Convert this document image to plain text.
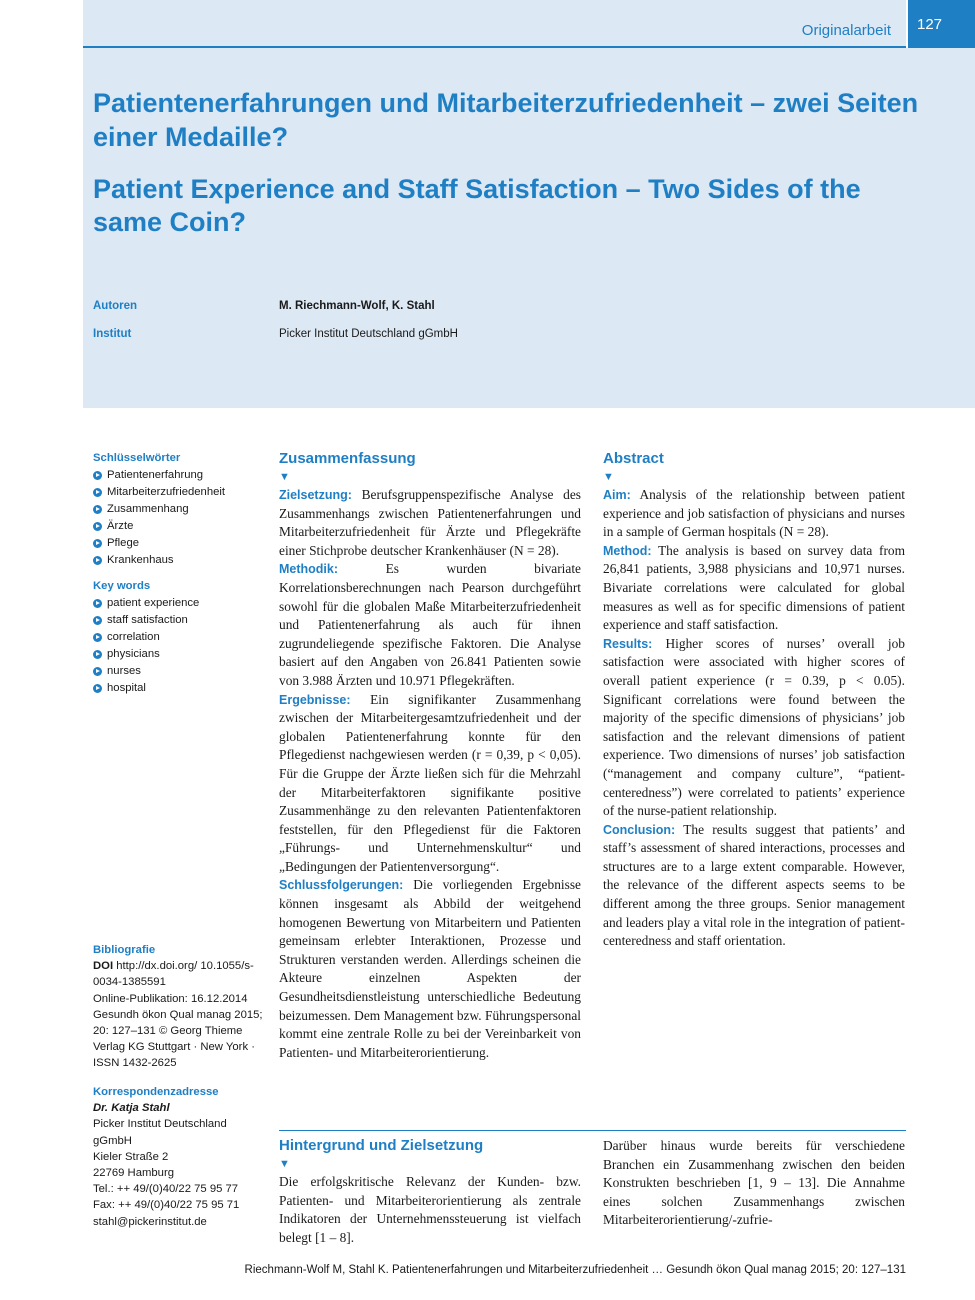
Originalarbeit	127
Patientenerfahrungen und Mitarbeiterzufriedenheit – zwei Seiten einer Medaille?
Patient Experience and Staff Satisfaction – Two Sides of the same Coin?
Autoren	M. Riechmann-Wolf, K. Stahl
Institut	Picker Institut Deutschland gGmbH
Schlüsselwörter
Patientenerfahrung
Mitarbeiterzufriedenheit
Zusammenhang
Ärzte
Pflege
Krankenhaus
Key words
patient experience
staff satisfaction
correlation
physicians
nurses
hospital
Bibliografie
DOI http://dx.doi.org/ 10.1055/s-0034-1385591
Online-Publikation: 16.12.2014
Gesundh ökon Qual manag 2015; 20: 127–131 © Georg Thieme Verlag KG Stuttgart · New York · ISSN 1432-2625
Korrespondenzadresse
Dr. Katja Stahl
Picker Institut Deutschland gGmbH
Kieler Straße 2
22769 Hamburg
Tel.: ++ 49/(0)40/22 75 95 77
Fax: ++ 49/(0)40/22 75 95 71
stahl@pickerinstitut.de
Zusammenfassung
▼

Zielsetzung: Berufsgruppenspezifische Analyse des Zusammenhangs zwischen Patientenerfahrungen und Mitarbeiterzufriedenheit für Ärzte und Pflegekräfte einer Stichprobe deutscher Krankenhäuser (N = 28).

Methodik:	Es wurden bivariate Korrelationsberechnungen nach Pearson durchgeführt sowohl für die globalen Maße Mitarbeiterzufriedenheit und Patientenerfahrung als auch für ihnen zugrundeliegende spezifische Faktoren. Die Analyse basiert auf den Angaben von 26.841 Patienten sowie von 3.988 Ärzten und 10.971 Pflegekräften.

Ergebnisse: Ein signifikanter Zusammenhang zwischen der Mitarbeitergesamtzufriedenheit und der globalen Patientenerfahrung konnte für den Pflegedienst nachgewiesen werden (r = 0,39, p < 0,05). Für die Gruppe der Ärzte ließen sich für die Mehrzahl der Mitarbeiterfaktoren signifikante positive Zusammenhänge zu den relevanten Patientenfaktoren feststellen, für den Pflegedienst für die Faktoren „Führungs- und Unternehmenskultur“ und „Bedingungen der Patientenversorgung“.

Schlussfolgerungen: Die vorliegenden Ergebnisse können insgesamt als Abbild der weitgehend homogenen Bewertung von Mitarbeitern und Patienten gemeinsam erlebter Interaktionen, Prozesse und Strukturen verstanden werden. Allerdings scheinen die Akteure einzelnen Aspekten der Gesundheitsdienstleistung unterschiedliche Bedeutung beizumessen. Dem Management bzw. Führungspersonal kommt eine zentrale Rolle zu bei der Vereinbarkeit von Patienten- und Mitarbeiterorientierung.

Abstract
▼

Aim: Analysis of the relationship between patient experience and job satisfaction of physicians and nurses in a sample of German hospitals (N = 28).

Method: The analysis is based on survey data from 26,841 patients, 3,988 physicians and 10,971 nurses. Bivariate correlations were calculated for global measures as well as for specific dimensions of patient experience and staff satisfaction.

Results: Higher scores of nurses’ overall job satisfaction were associated with higher scores of overall patient experience (r = 0.39, p < 0.05). Significant correlations were found between the majority of the specific dimensions of physicians’ job satisfaction and the relevant dimensions of patient experience. Two dimensions of nurses’ job satisfaction (“management and company culture”, “patient-centeredness”) were correlated to patients’ experience of the nurse-patient relationship.

Conclusion: The results suggest that patients’ and staff’s assessment of shared interactions, processes and structures are to a large extent comparable. However, the relevance of the different aspects seems to be different among the three groups. Senior management and leaders play a vital role in the integration of patient-centeredness and staff orientation.

Hintergrund und Zielsetzung
▼

Die erfolgskritische Relevanz der Kunden- bzw. Patienten- und Mitarbeiterorientierung als zentrale Indikatoren der Unternehmenssteuerung ist vielfach belegt [1 – 8].

Darüber hinaus wurde bereits für verschiedene Branchen ein Zusammenhang zwischen den beiden Konstrukten beschrieben [1, 9 – 13]. Die Annahme eines solchen Zusammenhangs zwischen Mitarbeiterorientierung/-zufrie-

Riechmann-Wolf M, Stahl K. Patientenerfahrungen und Mitarbeiterzufriedenheit … Gesundh ökon Qual manag 2015; 20: 127–131
